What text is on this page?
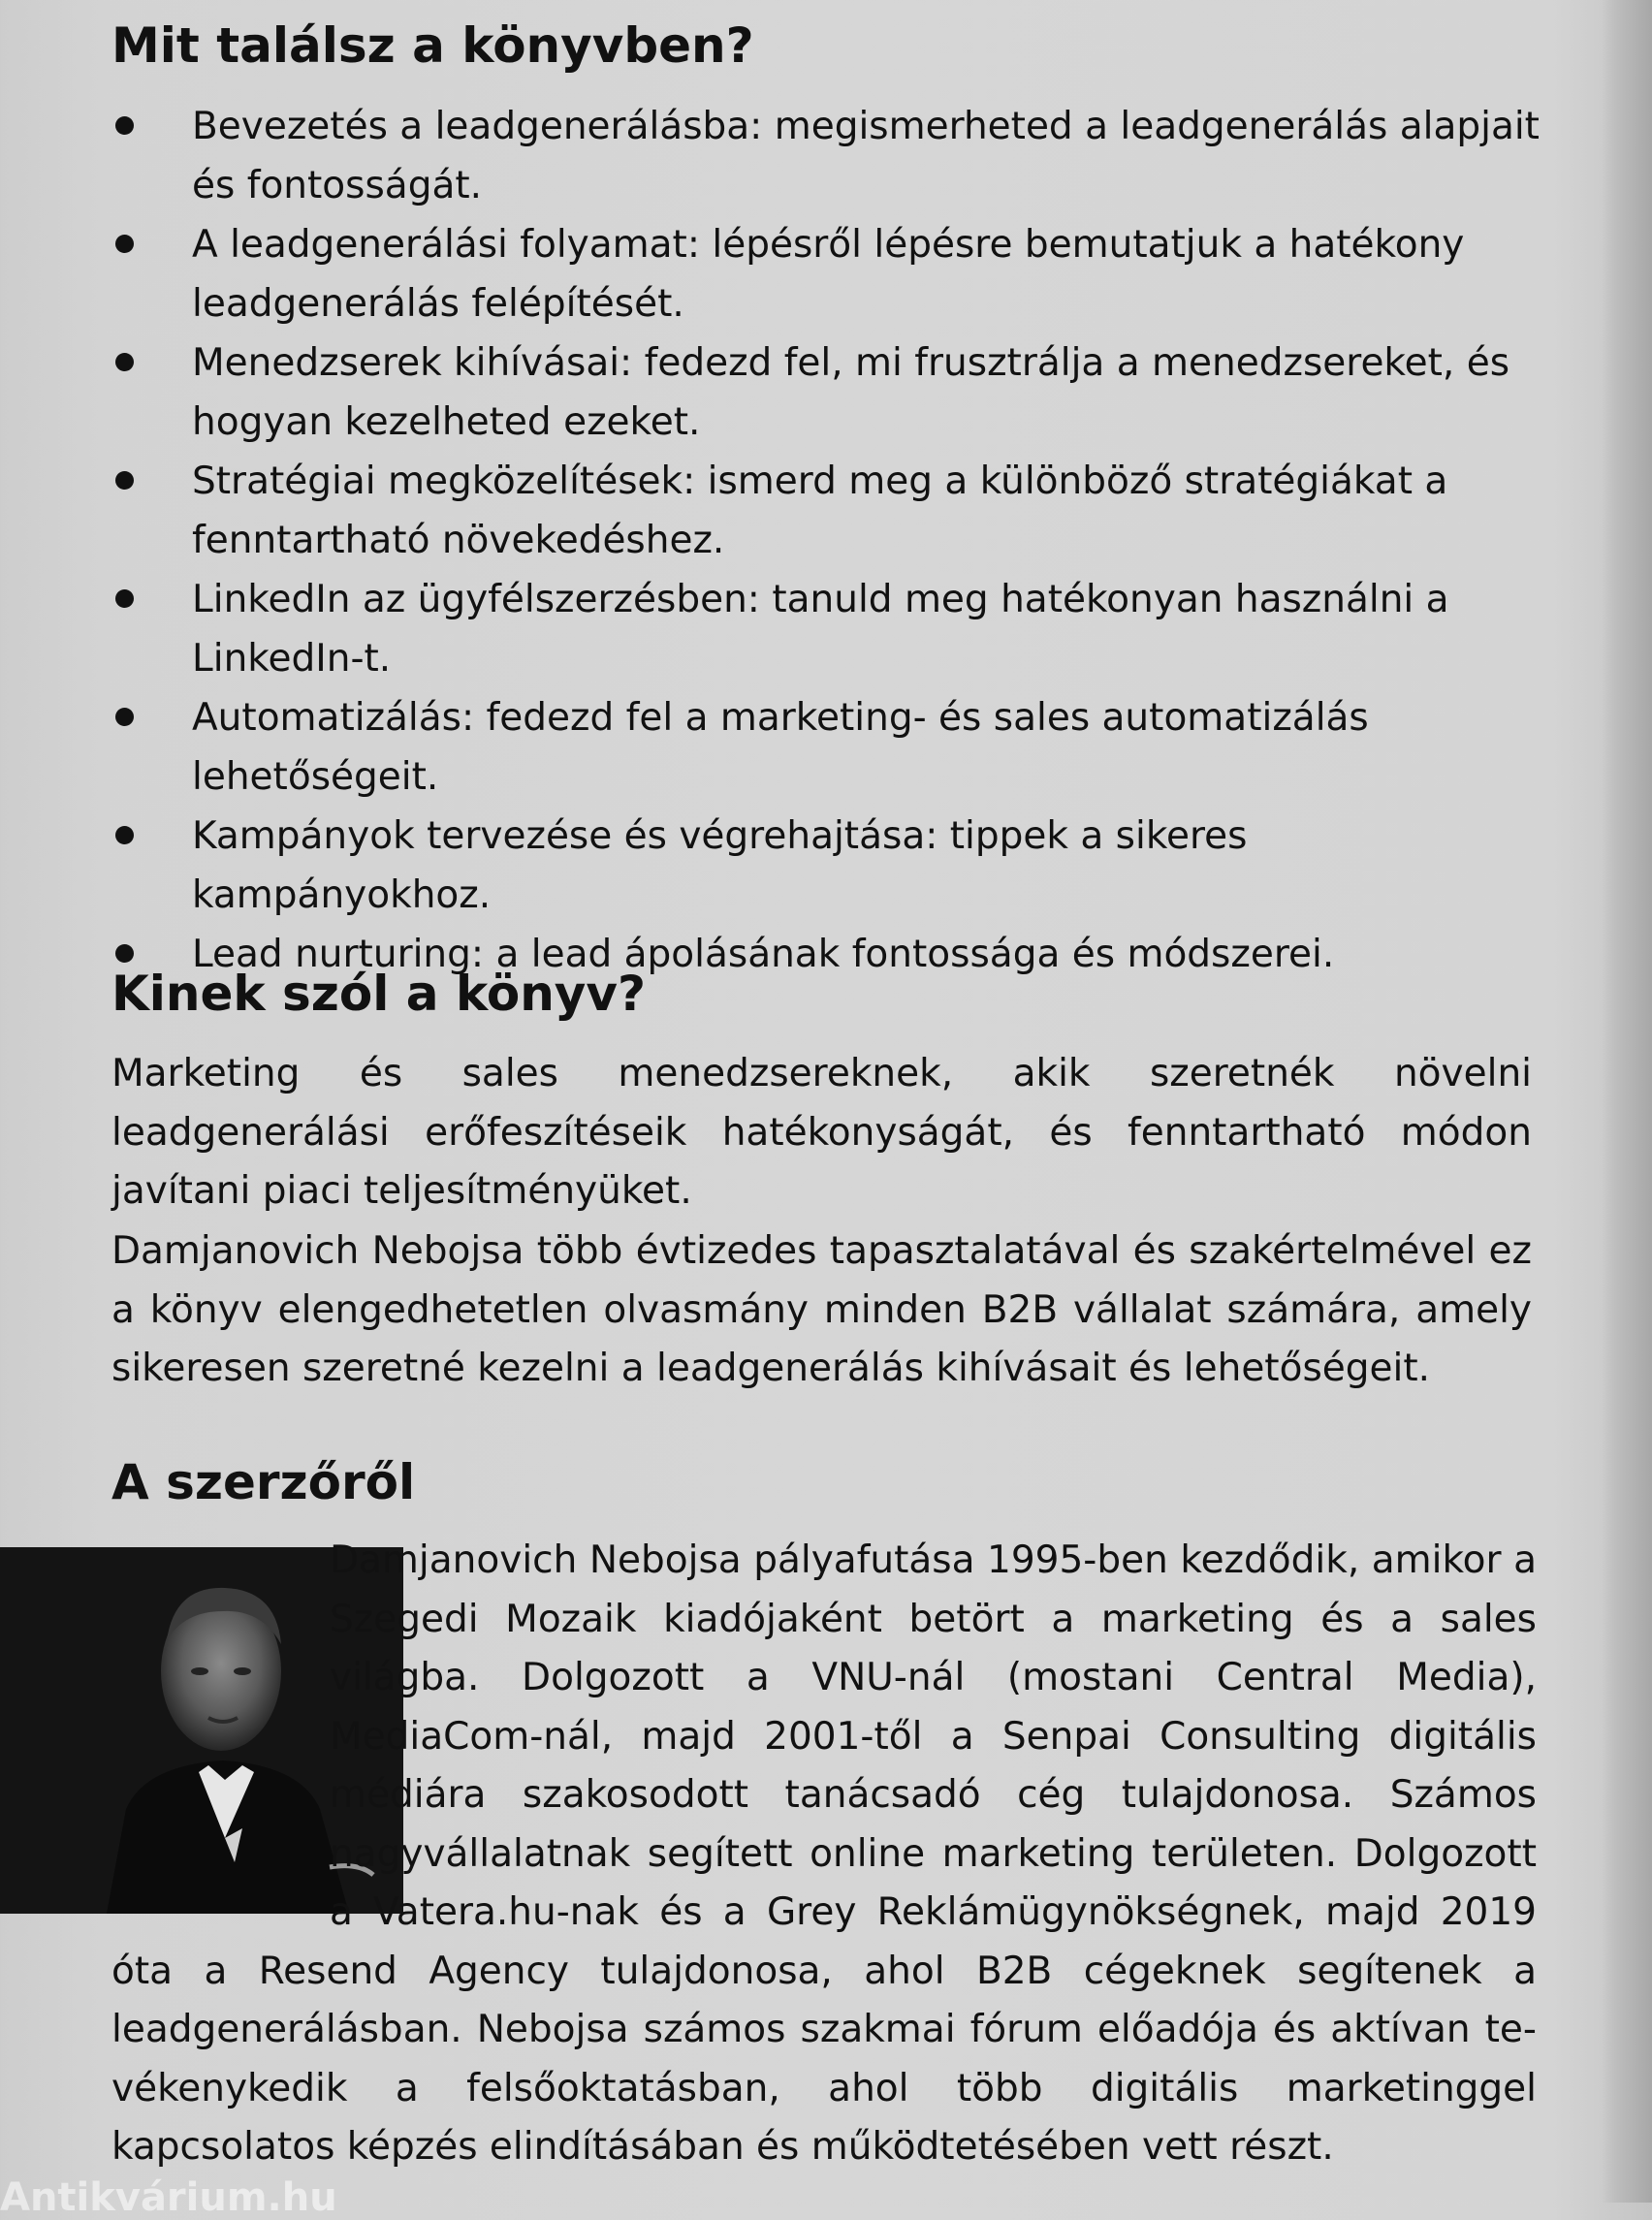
Mit találsz a könyvben?
Bevezetés a leadgenerálásba: megismerheted a leadgenerálás alapjait és fontosságát.
A leadgenerálási folyamat: lépésről lépésre bemutatjuk a hatékony leadgenerálás felépítését.
Menedzserek kihívásai: fedezd fel, mi frusztrálja a menedzsereket, és hogyan kezelheted ezeket.
Stratégiai megközelítések: ismerd meg a különböző stratégiákat a fenntartható növekedéshez.
LinkedIn az ügyfélszerzésben: tanuld meg hatékonyan használni a LinkedIn-t.
Automatizálás: fedezd fel a marketing- és sales automatizálás lehetőségeit.
Kampányok tervezése és végrehajtása: tippek a sikeres kampányokhoz.
Lead nurturing: a lead ápolásának fontossága és módszerei.
Kinek szól a könyv?

Marketing és sales menedzsereknek, akik szeretnék növelni leadgenerálási erőfeszítéseik hatékonyságát, és fenntartható módon javítani piaci teljesítményüket.

Damjanovich Nebojsa több évtizedes tapasztalatával és szakértelmével ez a könyv elengedhetetlen olvasmány minden B2B vállalat számára, amely sikeresen szeretné kezelni a leadgenerálás kihívásait és lehetőségeit.

A szerzőről

Damjanovich Nebojsa pályafutása 1995-ben kezdődik, amikor a Szegedi Mozaik kiadójaként betört a marketing és a sales világba. Dolgozott a VNU-nál (mostani Central Media), MediaCom-nál, majd 2001-től a Senpai Consulting digitális médiára szakosodott tanácsadó cég tulajdonosa. Számos nagyvállalatnak segített online marketing területen. Dolgozott a Vatera.hu-nak és a Grey Reklámügynökségnek, majd 2019 óta a Resend Agency tulajdonosa, ahol B2B cégeknek segítenek a leadgenerálásban. Nebojsa számos szakmai fórum előadója és aktívan tevékenykedik a felsőoktatásban, ahol több digitális marketinggel kapcsolatos képzés elindításában és működtetésében vett részt.

Antikvárium.hu
